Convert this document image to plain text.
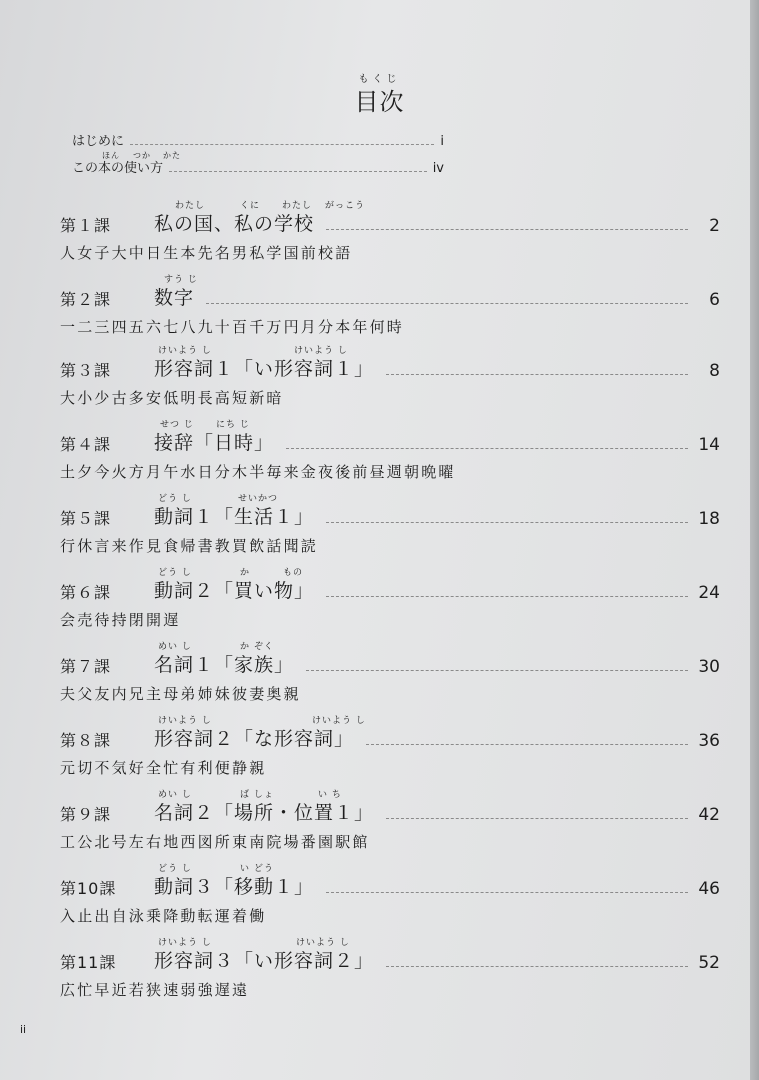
もくじ
目次
はじめに	i
ほん つか かた
この本の使い方	iv
わたし	くに わたし がっこう
第１課	私の国、私の学校	2
人女子大中日生本先名男私学国前校語
すう じ
第２課	数字	6
一二三四五六七八九十百千万円月分本年何時
けいよう し	けいよう し
第３課	形容詞１「い形容詞１」	8
大小少古多安低明長高短新暗
せつ じ にち じ
第４課	接辞「日時」	14
土夕今火方月午水日分木半毎来金夜後前昼週朝晩曜
どう し	せいかつ
第５課	動詞１「生活１」	18
行休言来作見食帰書教買飲話聞読
どう し	か	もの
第６課	動詞２「買い物」	24
会売待持閉開遅
めい し	か ぞく
第７課	名詞１「家族」	30
夫父友内兄主母弟姉妹彼妻奥親
けいよう し	けいよう し
第８課	形容詞２「な形容詞」	36
元切不気好全忙有利便静親
めい し	ば しょ	い ち
第９課	名詞２「場所・位置１」	42
工公北号左右地西図所東南院場番園駅館
どう し	い どう
第10課	動詞３「移動１」	46
入止出自泳乗降動転運着働
けいよう し	けいよう し
第11課	形容詞３「い形容詞２」	52
広忙早近若狭速弱強遅遠
ii
